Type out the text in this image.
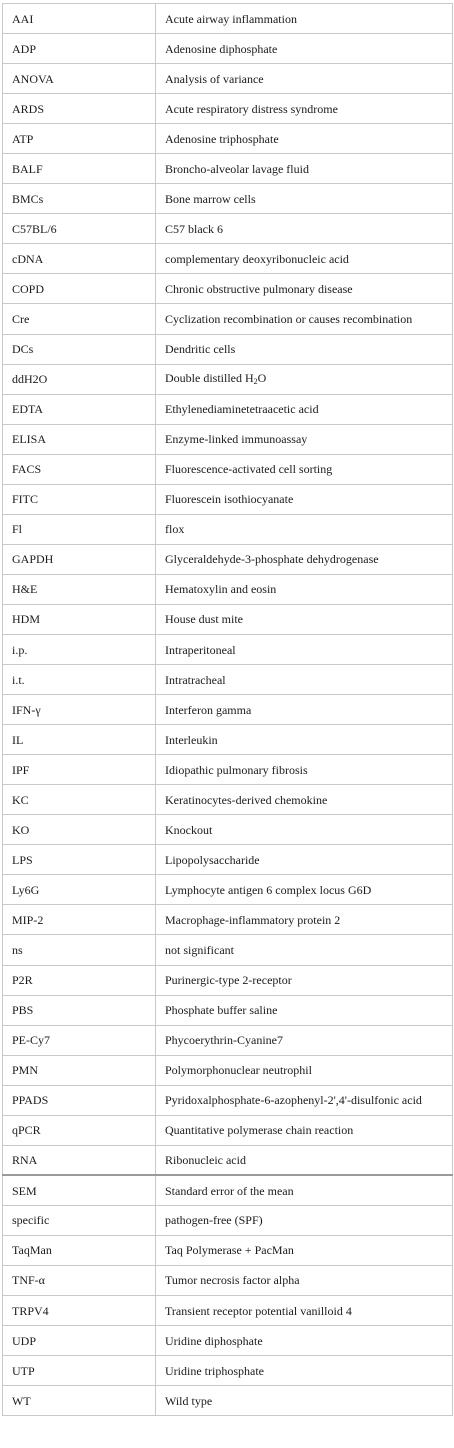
AAI	Acute airway inflammation
ADP	Adenosine diphosphate
ANOVA	Analysis of variance
ARDS	Acute respiratory distress syndrome
ATP	Adenosine triphosphate
BALF	Broncho-alveolar lavage fluid
BMCs	Bone marrow cells
C57BL/6	C57 black 6
cDNA	complementary deoxyribonucleic acid
COPD	Chronic obstructive pulmonary disease
Cre	Cyclization recombination or causes recombination
DCs	Dendritic cells
ddH2O	Double distilled $H_2O$
EDTA	Ethylenediaminetetraacetic acid
ELISA	Enzyme-linked immunoassay
FACS	Fluorescence-activated cell sorting
FITC	Fluorescein isothiocyanate
Fl	flox
GAPDH	Glyceraldehyde-3-phosphate dehydrogenase
H&E	Hematoxylin and eosin
HDM	House dust mite
i.p.	Intraperitoneal
i.t.	Intratracheal
IFN-γ	Interferon gamma
IL	Interleukin
IPF	Idiopathic pulmonary fibrosis
KC	Keratinocytes-derived chemokine
KO	Knockout
LPS	Lipopolysaccharide
Ly6G	Lymphocyte antigen 6 complex locus G6D
MIP-2	Macrophage-inflammatory protein 2
ns	not significant
P2R	Purinergic-type 2-receptor
PBS	Phosphate buffer saline
PE-Cy7	Phycoerythrin-Cyanine7
PMN	Polymorphonuclear neutrophil
PPADS	Pyridoxalphosphate-6-azophenyl-2',4'-disulfonic acid
qPCR	Quantitative polymerase chain reaction
RNA	Ribonucleic acid
SEM	Standard error of the mean
specific	pathogen-free (SPF)
TaqMan	Taq Polymerase + PacMan
TNF-α	Tumor necrosis factor alpha
TRPV4	Transient receptor potential vanilloid 4
UDP	Uridine diphosphate
UTP	Uridine triphosphate
WT	Wild type
